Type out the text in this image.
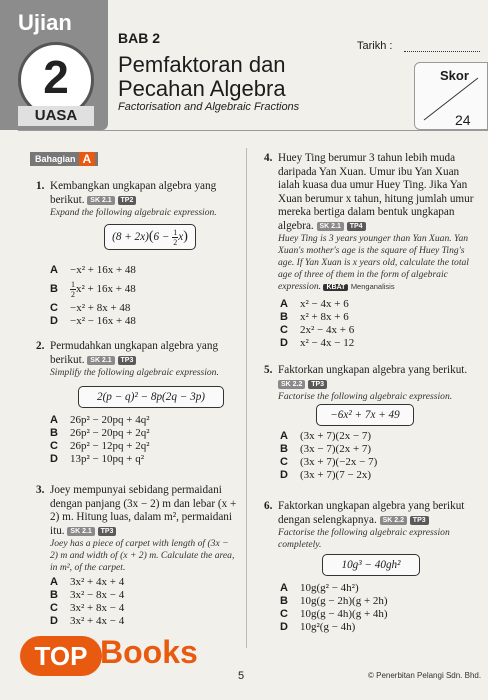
Ujian
2
UASA
BAB 2
Pemfaktoran dan Pecahan Algebra
Factorisation and Algebraic Fractions
Tarikh :
Skor
24
Bahagian A
1. Kembangkan ungkapan algebra yang berikut. SK 2.1 TP2
Expand the following algebraic expression.
$(8 + 2x)(6 - \frac{1}{2}x)$
A −x² + 16x + 48
B $\frac{1}{2}x^2 + 16x + 48$
C −x² + 8x + 48
D −x² − 16x + 48
2. Permudahkan ungkapan algebra yang berikut. SK 2.1 TP3
Simplify the following algebraic expression.
2(p − q)² − 8p(2q − 3p)
A 26p² − 20pq + 4q²
B 26p² − 20pq + 2q²
C 26p² − 12pq + 2q²
D 13p² − 10pq + q²
3. Joey mempunyai sebidang permaidani dengan panjang (3x − 2) m dan lebar (x + 2) m. Hitung luas, dalam m², permaidani itu. SK 2.1 TP3
Joey has a piece of carpet with length of (3x − 2) m and width of (x + 2) m. Calculate the area, in m², of the carpet.
A 3x² + 4x + 4
B 3x² − 8x − 4
C 3x² + 8x − 4
D 3x² + 4x − 4
4. Huey Ting berumur 3 tahun lebih muda daripada Yan Xuan. Umur ibu Yan Xuan ialah kuasa dua umur Huey Ting. Jika Yan Xuan berumur x tahun, hitung jumlah umur mereka bertiga dalam bentuk ungkapan algebra. SK 2.1 TP4
Huey Ting is 3 years younger than Yan Xuan. Yan Xuan's mother's age is the square of Huey Ting's age. If Yan Xuan is x years old, calculate the total age of three of them in the form of algebraic expression. KBAT Menganalisis
A x² − 4x + 6
B x² + 8x + 6
C 2x² − 4x + 6
D x² − 4x − 12
5. Faktorkan ungkapan algebra yang berikut. SK 2.2 TP3
Factorise the following algebraic expression.
−6x² + 7x + 49
A (3x + 7)(2x − 7)
B (3x − 7)(2x + 7)
C (3x + 7)(−2x − 7)
D (3x + 7)(7 − 2x)
6. Faktorkan ungkapan algebra yang berikut dengan selengkapnya. SK 2.2 TP3
Factorise the following algebraic expression completely.
10g³ − 40gh²
A 10g(g² − 4h²)
B 10g(g − 2h)(g + 2h)
C 10g(g − 4h)(g + 4h)
D 10g²(g − 4h)
5	© Penerbitan Pelangi Sdn. Bhd.
TOP Books
